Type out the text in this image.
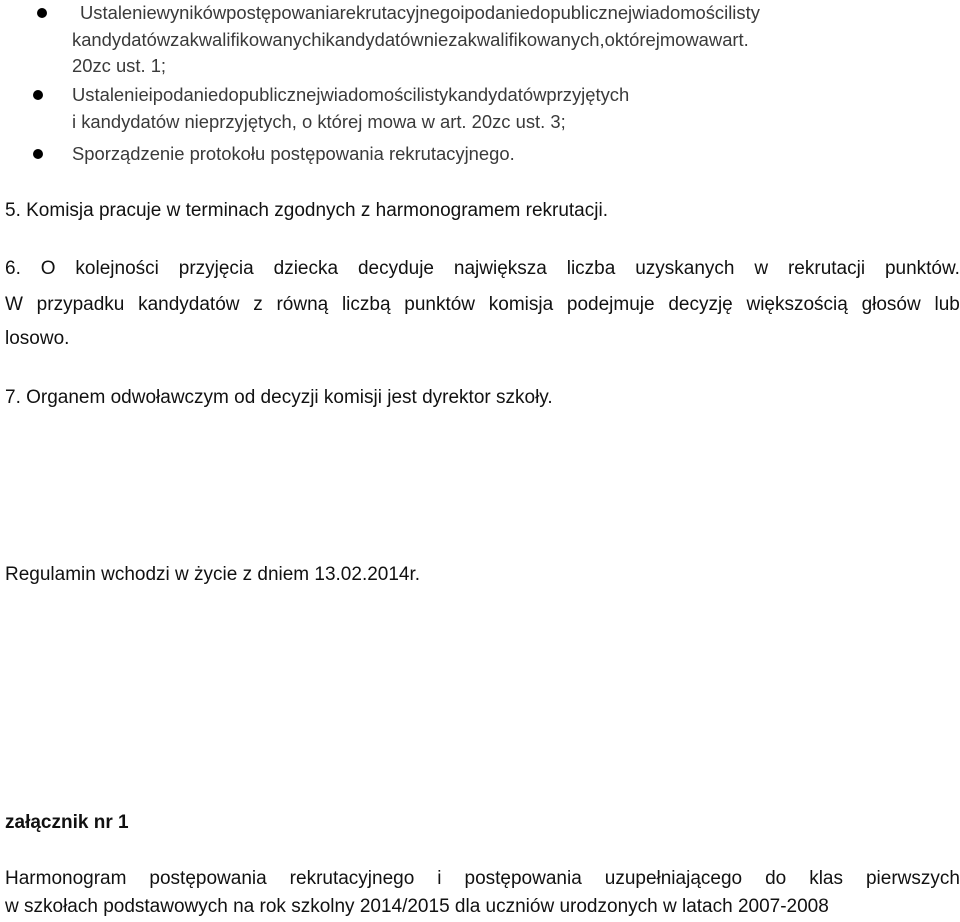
Ustaleniewynikówpostępowaniarekrutacyjnegoipodaniedopublicznejwiadomościlisty
kandydatówzakwalifikowanychikandydatówniezakwalifikowanych,októrejmowawart.
20zc ust. 1;
Ustalenieipodaniedopublicznejwiadomościlistykandydatówprzyjętych
i kandydatów nieprzyjętych, o której mowa w art. 20zc ust. 3;
Sporządzenie protokołu postępowania rekrutacyjnego.
5. Komisja pracuje w terminach zgodnych z harmonogramem rekrutacji.
6. O kolejności przyjęcia dziecka decyduje największa liczba uzyskanych w rekrutacji punktów.
W przypadku kandydatów z równą liczbą punktów komisja podejmuje decyzję większością głosów lub
losowo.
7. Organem odwoławczym od decyzji komisji jest dyrektor szkoły.
Regulamin wchodzi w życie z dniem 13.02.2014r.
załącznik nr 1
Harmonogram postępowania rekrutacyjnego i postępowania uzupełniającego do klas pierwszych
w szkołach podstawowych na rok szkolny 2014/2015 dla uczniów urodzonych w latach 2007-2008
